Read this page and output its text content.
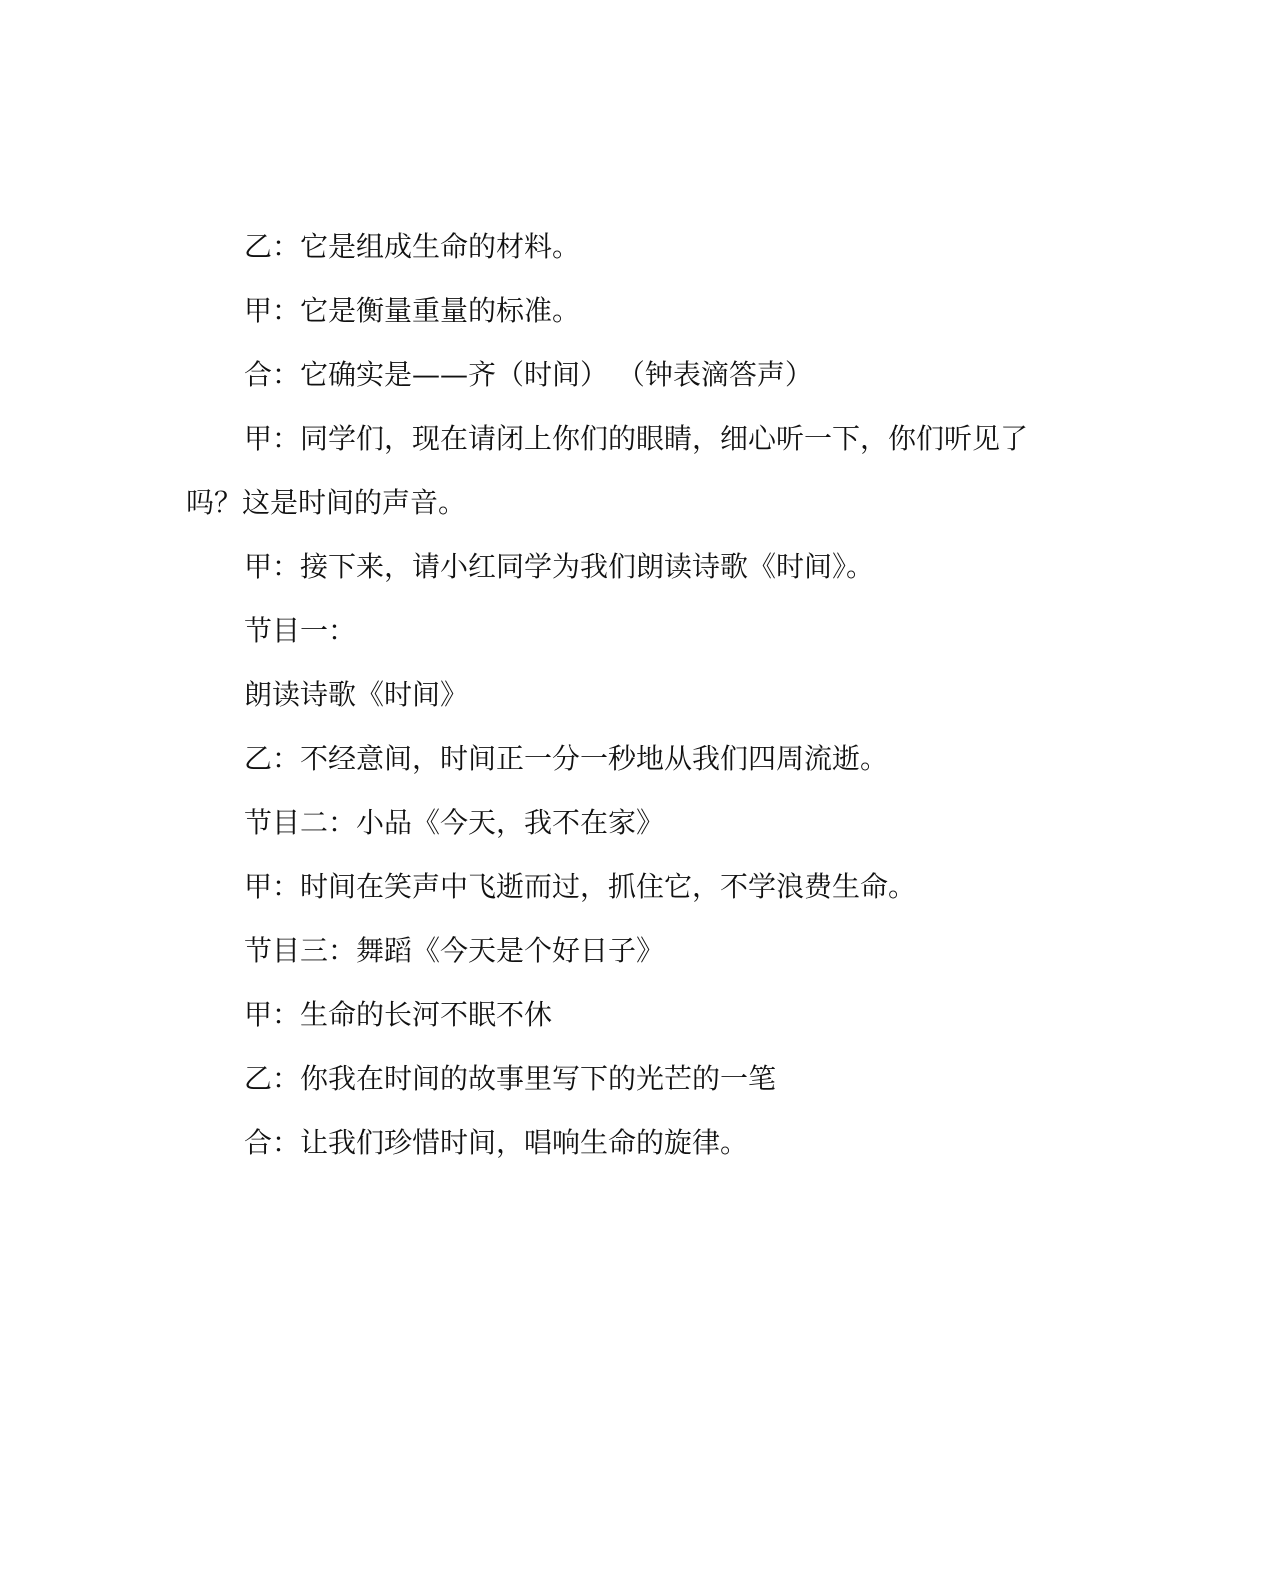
乙：它是组成生命的材料。

甲：它是衡量重量的标准。

合：它确实是——齐（时间） （钟表滴答声）

甲：同学们，现在请闭上你们的眼睛，细心听一下，你们听见了

吗？这是时间的声音。

甲：接下来，请小红同学为我们朗读诗歌《时间》。

节目一：

朗读诗歌《时间》

乙：不经意间，时间正一分一秒地从我们四周流逝。

节目二：小品《今天，我不在家》

甲：时间在笑声中飞逝而过，抓住它，不学浪费生命。

节目三：舞蹈《今天是个好日子》

甲：生命的长河不眠不休

乙：你我在时间的故事里写下的光芒的一笔

合：让我们珍惜时间，唱响生命的旋律。
